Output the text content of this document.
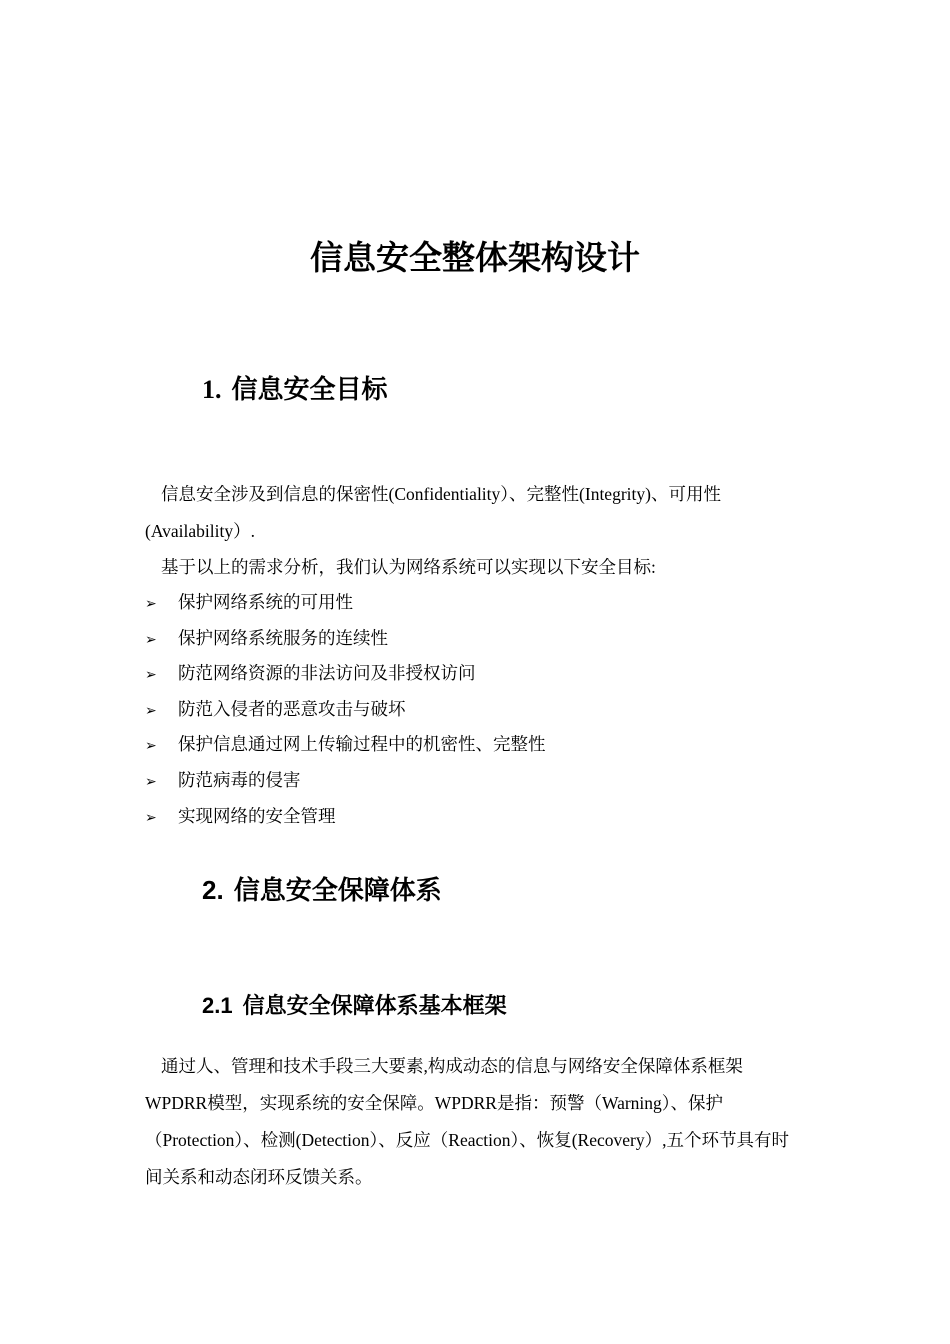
信息安全整体架构设计
1. 信息安全目标

信息安全涉及到信息的保密性(Confidentiality）、完整性(Integrity)、可用性(Availability）.

基于以上的需求分析，我们认为网络系统可以实现以下安全目标:

➢ 保护网络系统的可用性
➢ 保护网络系统服务的连续性
➢ 防范网络资源的非法访问及非授权访问
➢ 防范入侵者的恶意攻击与破坏
➢ 保护信息通过网上传输过程中的机密性、完整性
➢ 防范病毒的侵害
➢ 实现网络的安全管理
2. 信息安全保障体系
2.1 信息安全保障体系基本框架

通过人、管理和技术手段三大要素,构成动态的信息与网络安全保障体系框架WPDRR模型，实现系统的安全保障。WPDRR是指：预警（Warning）、保护（Protection）、检测(Detection）、反应（Reaction）、恢复(Recovery）,五个环节具有时间关系和动态闭环反馈关系。
